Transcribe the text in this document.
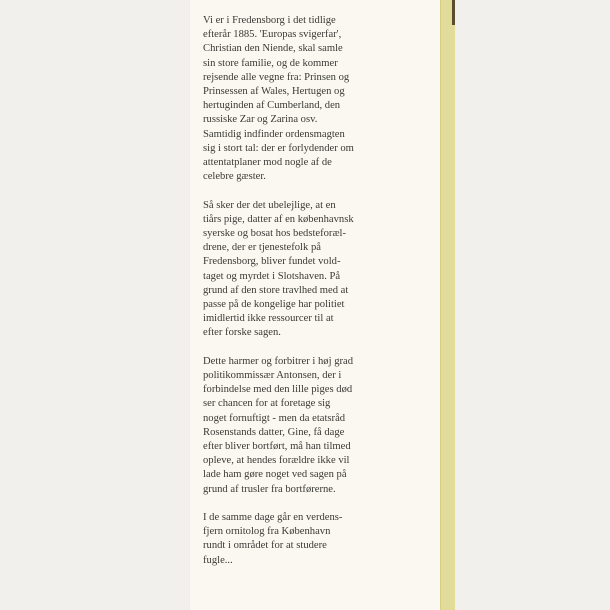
Vi er i Fredensborg i det tidlige
efterår 1885. 'Europas svigerfar',
Christian den Niende, skal samle
sin store familie, og de kommer
rejsende alle vegne fra: Prinsen og
Prinsessen af Wales, Hertugen og
hertuginden af Cumberland, den
russiske Zar og Zarina osv.
Samtidig indfinder ordensmagten
sig i stort tal: der er forlydender om
attentatplaner mod nogle af de
celebre gæster.

Så sker der det ubelejlige, at en
tiårs pige, datter af en københavnsk
syerske og bosat hos bedsteforæl-
drene, der er tjenestefolk på
Fredensborg, bliver fundet vold-
taget og myrdet i Slotshaven. På
grund af den store travlhed med at
passe på de kongelige har politiet
imidlertid ikke ressourcer til at
efter forske sagen.

Dette harmer og forbitrer i høj grad
politikommissær Antonsen, der i
forbindelse med den lille piges død
ser chancen for at foretage sig
noget fornuftigt - men da etatsråd
Rosenstands datter, Gine, få dage
efter bliver bortført, må han tilmed
opleve, at hendes forældre ikke vil
lade ham gøre noget ved sagen på
grund af trusler fra bortførerne.

I de samme dage går en verdens-
fjern ornitolog fra København
rundt i området for at studere
fugle...
